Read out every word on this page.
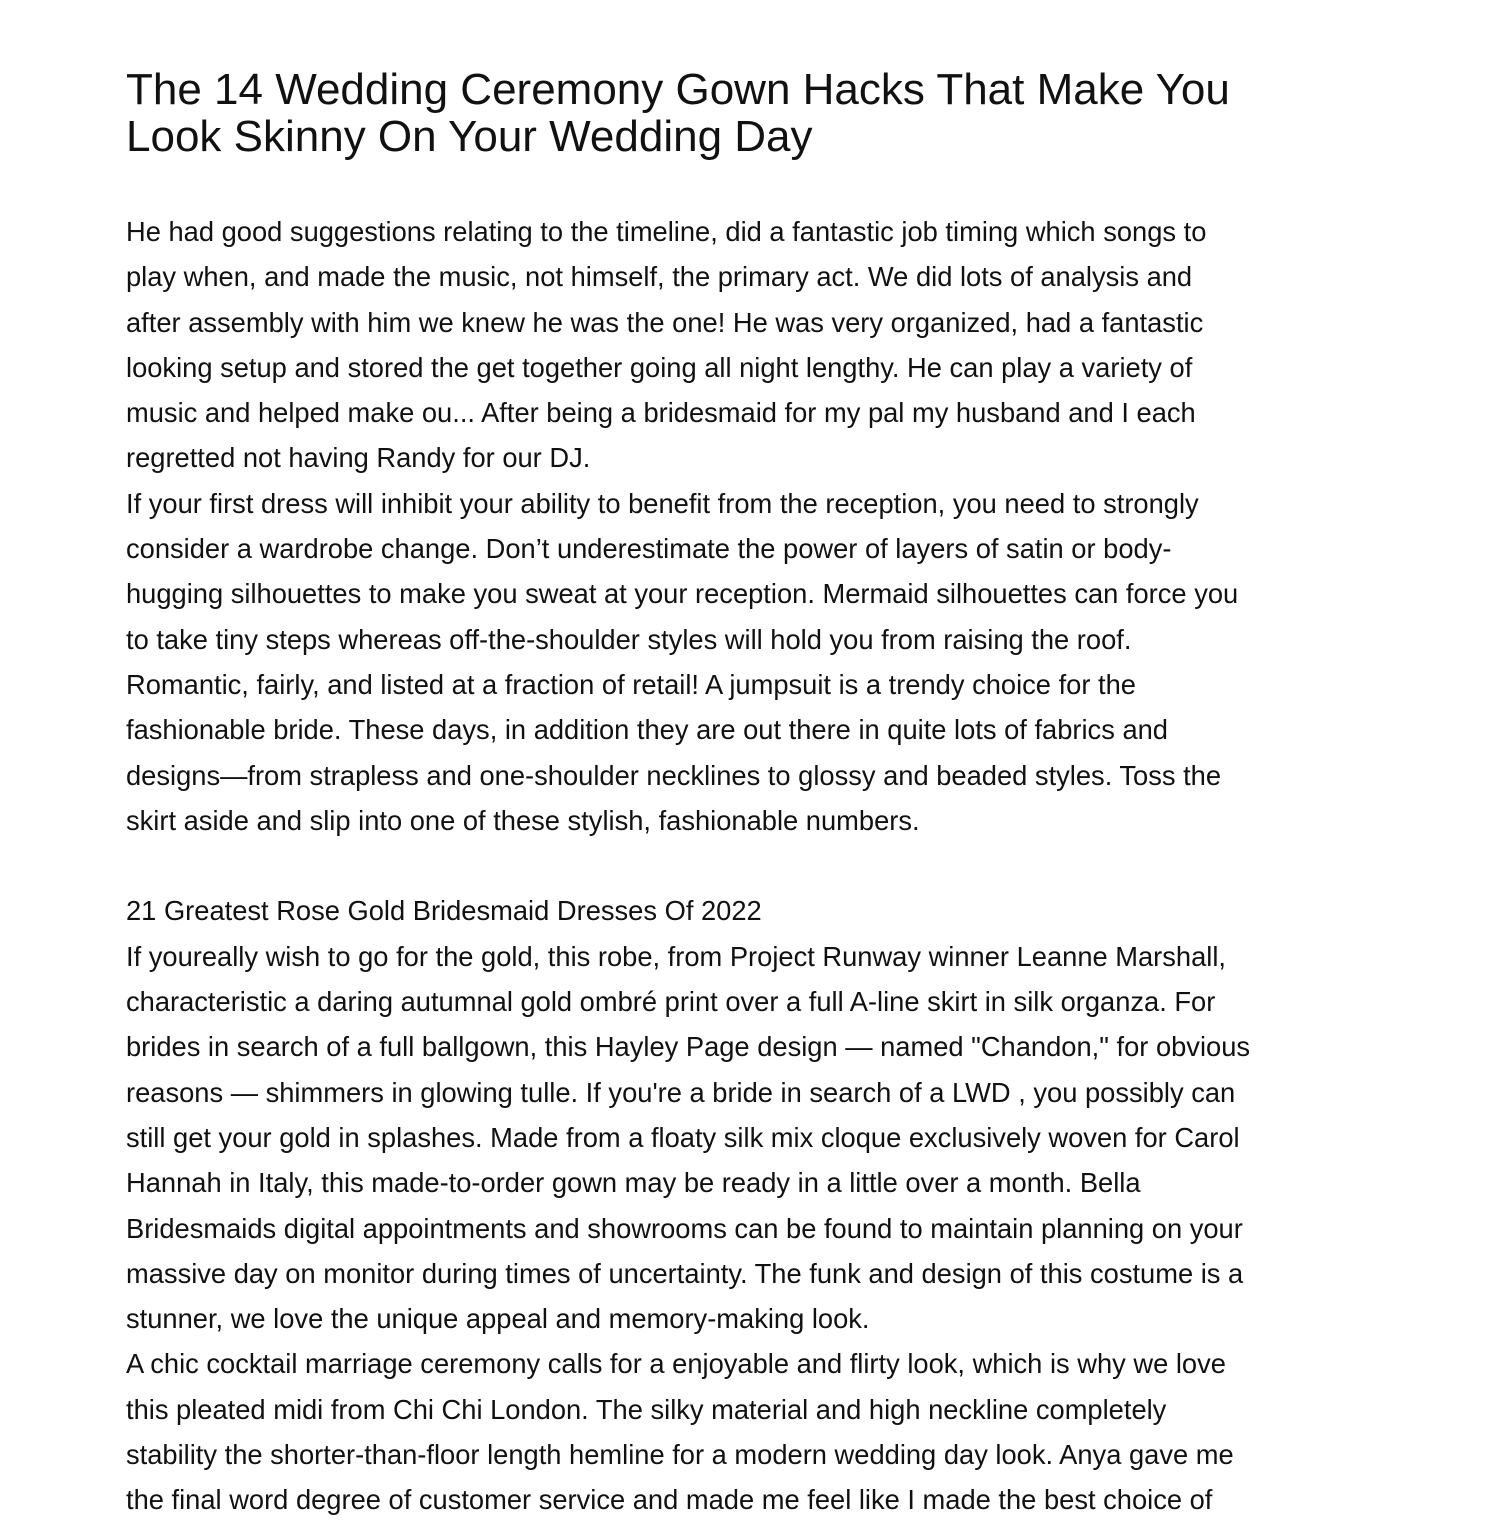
The 14 Wedding Ceremony Gown Hacks That Make You
Look Skinny On Your Wedding Day

He had good suggestions relating to the timeline, did a fantastic job timing which songs to
play when, and made the music, not himself, the primary act. We did lots of analysis and
after assembly with him we knew he was the one! He was very organized, had a fantastic
looking setup and stored the get together going all night lengthy. He can play a variety of
music and helped make ou... After being a bridesmaid for my pal my husband and I each
regretted not having Randy for our DJ.

If your first dress will inhibit your ability to benefit from the reception, you need to strongly
consider a wardrobe change. Don’t underestimate the power of layers of satin or body-
hugging silhouettes to make you sweat at your reception. Mermaid silhouettes can force you
to take tiny steps whereas off-the-shoulder styles will hold you from raising the roof.
Romantic, fairly, and listed at a fraction of retail! A jumpsuit is a trendy choice for the
fashionable bride. These days, in addition they are out there in quite lots of fabrics and
designs—from strapless and one-shoulder necklines to glossy and beaded styles. Toss the
skirt aside and slip into one of these stylish, fashionable numbers.

21 Greatest Rose Gold Bridesmaid Dresses Of 2022

If youreally wish to go for the gold, this robe, from Project Runway winner Leanne Marshall,
characteristic a daring autumnal gold ombré print over a full A-line skirt in silk organza. For
brides in search of a full ballgown, this Hayley Page design — named "Chandon," for obvious
reasons — shimmers in glowing tulle. If you're a bride in search of a LWD , you possibly can
still get your gold in splashes. Made from a floaty silk mix cloque exclusively woven for Carol
Hannah in Italy, this made-to-order gown may be ready in a little over a month. Bella
Bridesmaids digital appointments and showrooms can be found to maintain planning on your
massive day on monitor during times of uncertainty. The funk and design of this costume is a
stunner, we love the unique appeal and memory-making look.

A chic cocktail marriage ceremony calls for a enjoyable and flirty look, which is why we love
this pleated midi from Chi Chi London. The silky material and high neckline completely
stability the shorter-than-floor length hemline for a modern wedding day look. Anya gave me
the final word degree of customer service and made me feel like I made the best choice of
